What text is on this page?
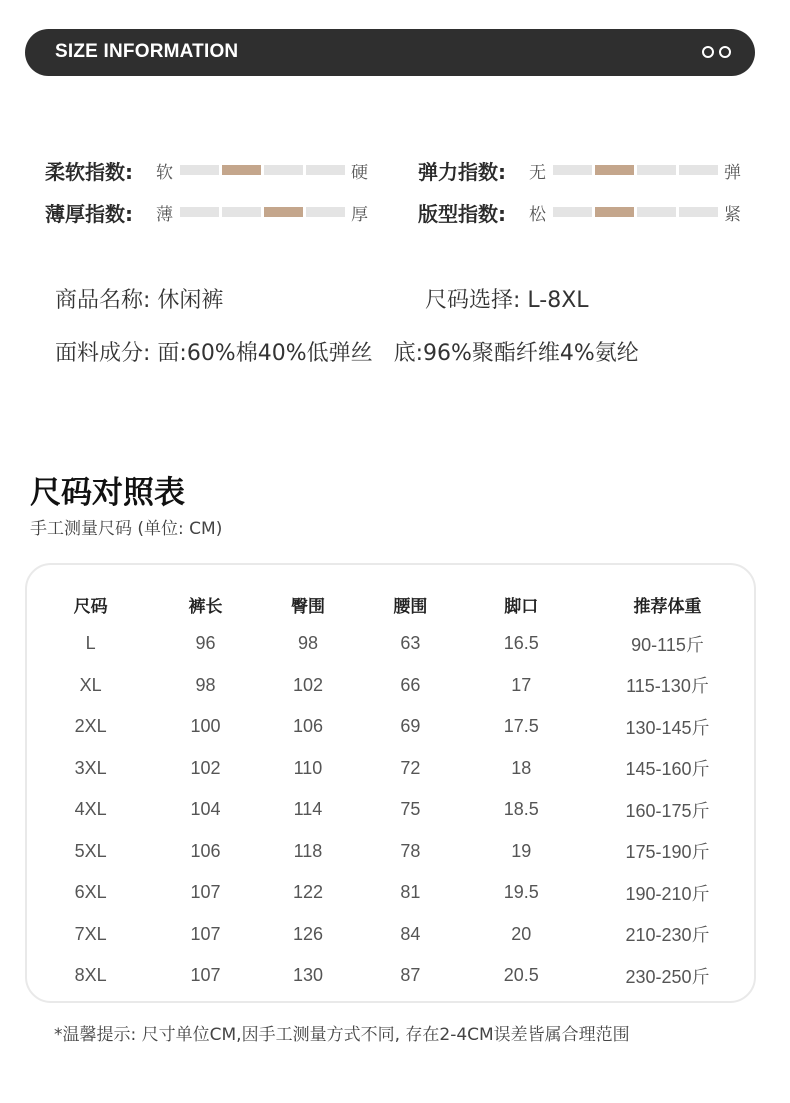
SIZE INFORMATION
柔软指数:	软	硬	弹力指数:	无	弹
薄厚指数:	薄	厚	版型指数:	松	紧
商品名称: 休闲裤	尺码选择: L-8XL
面料成分: 面:60%棉40%低弹丝   底:96%聚酯纤维4%氨纶
尺码对照表
手工测量尺码 (单位: CM)
尺码	裤长	臀围	腰围	脚口	推荐体重
L	96	98	63	16.5	90-115斤
XL	98	102	66	17	115-130斤
2XL	100	106	69	17.5	130-145斤
3XL	102	110	72	18	145-160斤
4XL	104	114	75	18.5	160-175斤
5XL	106	118	78	19	175-190斤
6XL	107	122	81	19.5	190-210斤
7XL	107	126	84	20	210-230斤
8XL	107	130	87	20.5	230-250斤
*温馨提示: 尺寸单位CM,因手工测量方式不同, 存在2-4CM误差皆属合理范围
